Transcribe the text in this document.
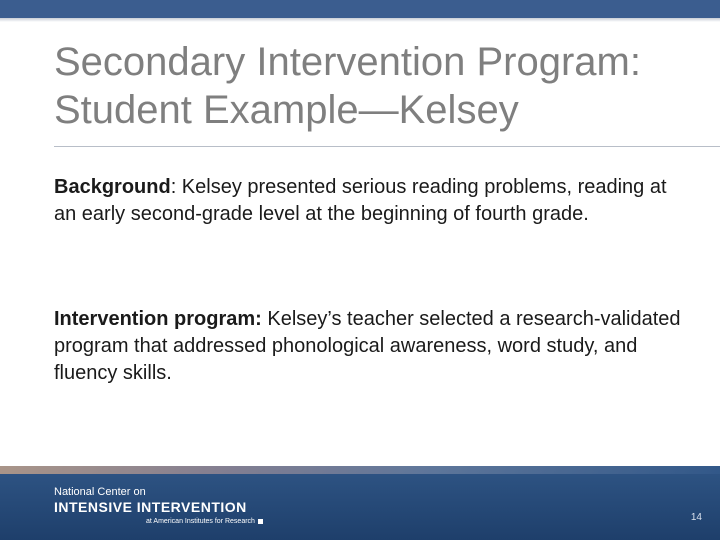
Secondary Intervention Program:
Student Example—Kelsey
Background: Kelsey presented serious reading problems, reading at an early second-grade level at the beginning of fourth grade.
Intervention program: Kelsey’s teacher selected a research-validated program that addressed phonological awareness, word study, and fluency skills.
National Center on
INTENSIVE INTERVENTION
at American Institutes for Research	14
